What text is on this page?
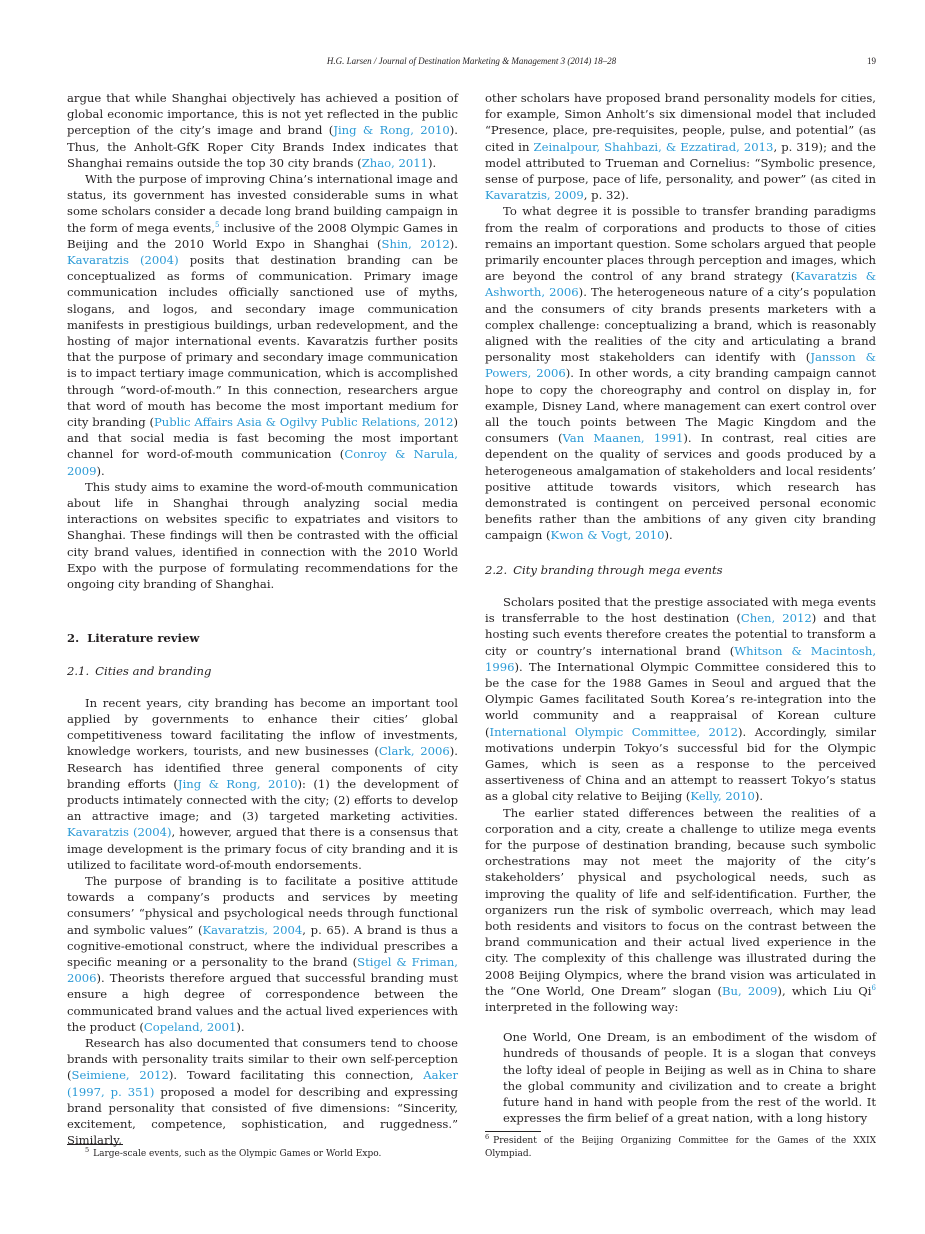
H.G. Larsen / Journal of Destination Marketing & Management 3 (2014) 18–28	19

argue that while Shanghai objectively has achieved a position of global economic importance, this is not yet reflected in the public perception of the city’s image and brand (Jing & Rong, 2010). Thus, the Anholt-GfK Roper City Brands Index indicates that Shanghai remains outside the top 30 city brands (Zhao, 2011).

With the purpose of improving China’s international image and status, its government has invested considerable sums in what some scholars consider a decade long brand building campaign in the form of mega events,$^5$ inclusive of the 2008 Olympic Games in Beijing and the 2010 World Expo in Shanghai (Shin, 2012). Kavaratzis (2004) posits that destination branding can be conceptualized as forms of communication. Primary image communication includes officially sanctioned use of myths, slogans, and logos, and secondary image communication manifests in prestigious buildings, urban redevelopment, and the hosting of major international events. Kavaratzis further posits that the purpose of primary and secondary image communication is to impact tertiary image communication, which is accomplished through “word-of-mouth.” In this connection, researchers argue that word of mouth has become the most important medium for city branding (Public Affairs Asia & Ogilvy Public Relations, 2012) and that social media is fast becoming the most important channel for word-of-mouth communication (Conroy & Narula, 2009).

This study aims to examine the word-of-mouth communication about life in Shanghai through analyzing social media interactions on websites specific to expatriates and visitors to Shanghai. These findings will then be contrasted with the official city brand values, identified in connection with the 2010 World Expo with the purpose of formulating recommendations for the ongoing city branding of Shanghai.

2. Literature review
2.1. Cities and branding

In recent years, city branding has become an important tool applied by governments to enhance their cities’ global competitiveness toward facilitating the inflow of investments, knowledge workers, tourists, and new businesses (Clark, 2006). Research has identified three general components of city branding efforts (Jing & Rong, 2010): (1) the development of products intimately connected with the city; (2) efforts to develop an attractive image; and (3) targeted marketing activities. Kavaratzis (2004), however, argued that there is a consensus that image development is the primary focus of city branding and it is utilized to facilitate word-of-mouth endorsements.

The purpose of branding is to facilitate a positive attitude towards a company’s products and services by meeting consumers’ “physical and psychological needs through functional and symbolic values” (Kavaratzis, 2004, p. 65). A brand is thus a cognitive-emotional construct, where the individual prescribes a specific meaning or a personality to the brand (Stigel & Friman, 2006). Theorists therefore argued that successful branding must ensure a high degree of correspondence between the communicated brand values and the actual lived experiences with the product (Copeland, 2001).

Research has also documented that consumers tend to choose brands with personality traits similar to their own self-perception (Seimiene, 2012). Toward facilitating this connection, Aaker (1997, p. 351) proposed a model for describing and expressing brand personality that consisted of five dimensions: “Sincerity, excitement, competence, sophistication, and ruggedness.” Similarly,

$^5$ Large-scale events, such as the Olympic Games or World Expo.

other scholars have proposed brand personality models for cities, for example, Simon Anholt’s six dimensional model that included “Presence, place, pre-requisites, people, pulse, and potential” (as cited in Zeinalpour, Shahbazi, & Ezzatirad, 2013, p. 319); and the model attributed to Trueman and Cornelius: “Symbolic presence, sense of purpose, pace of life, personality, and power” (as cited in Kavaratzis, 2009, p. 32).

To what degree it is possible to transfer branding paradigms from the realm of corporations and products to those of cities remains an important question. Some scholars argued that people primarily encounter places through perception and images, which are beyond the control of any brand strategy (Kavaratzis & Ashworth, 2006). The heterogeneous nature of a city’s population and the consumers of city brands presents marketers with a complex challenge: conceptualizing a brand, which is reasonably aligned with the realities of the city and articulating a brand personality most stakeholders can identify with (Jansson & Powers, 2006). In other words, a city branding campaign cannot hope to copy the choreography and control on display in, for example, Disney Land, where management can exert control over all the touch points between The Magic Kingdom and the consumers (Van Maanen, 1991). In contrast, real cities are dependent on the quality of services and goods produced by a heterogeneous amalgamation of stakeholders and local residents’ positive attitude towards visitors, which research has demonstrated is contingent on perceived personal economic benefits rather than the ambitions of any given city branding campaign (Kwon & Vogt, 2010).

2.2. City branding through mega events

Scholars posited that the prestige associated with mega events is transferrable to the host destination (Chen, 2012) and that hosting such events therefore creates the potential to transform a city or country’s international brand (Whitson & Macintosh, 1996). The International Olympic Committee considered this to be the case for the 1988 Games in Seoul and argued that the Olympic Games facilitated South Korea’s re-integration into the world community and a reappraisal of Korean culture (International Olympic Committee, 2012). Accordingly, similar motivations underpin Tokyo’s successful bid for the Olympic Games, which is seen as a response to the perceived assertiveness of China and an attempt to reassert Tokyo’s status as a global city relative to Beijing (Kelly, 2010).

The earlier stated differences between the realities of a corporation and a city, create a challenge to utilize mega events for the purpose of destination branding, because such symbolic orchestrations may not meet the majority of the city’s stakeholders’ physical and psychological needs, such as improving the quality of life and self-identification. Further, the organizers run the risk of symbolic overreach, which may lead both residents and visitors to focus on the contrast between the brand communication and their actual lived experience in the city. The complexity of this challenge was illustrated during the 2008 Beijing Olympics, where the brand vision was articulated in the “One World, One Dream” slogan (Bu, 2009), which Liu Qi$^6$ interpreted in the following way:

One World, One Dream, is an embodiment of the wisdom of hundreds of thousands of people. It is a slogan that conveys the lofty ideal of people in Beijing as well as in China to share the global community and civilization and to create a bright future hand in hand with people from the rest of the world. It expresses the firm belief of a great nation, with a long history
$^6$ President of the Beijing Organizing Committee for the Games of the XXIX Olympiad.
